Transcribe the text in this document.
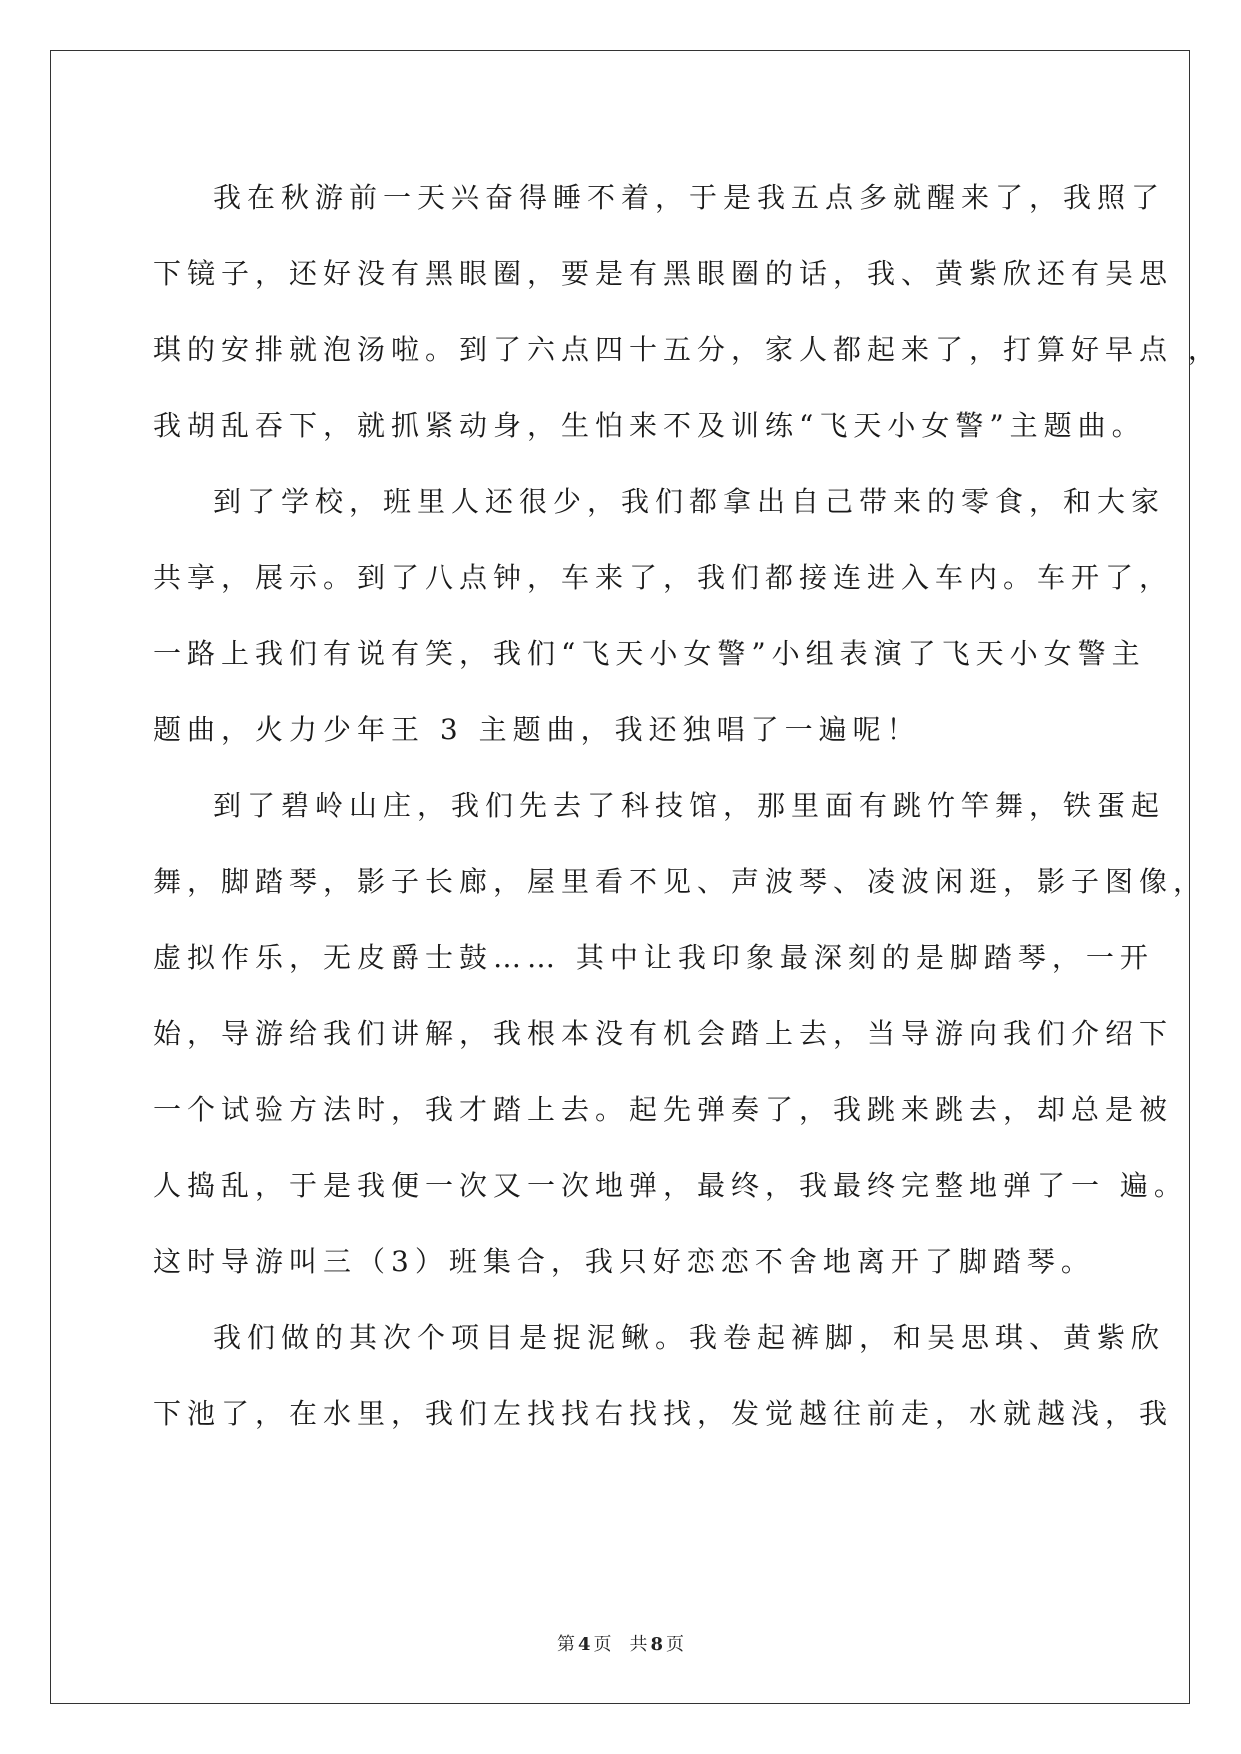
我在秋游前一天兴奋得睡不着，于是我五点多就醒来了，我照了
下镜子，还好没有黑眼圈，要是有黑眼圈的话，我、黄紫欣还有吴思
琪的安排就泡汤啦。到了六点四十五分，家人都起来了，打算好早点 ，
我胡乱吞下，就抓紧动身，生怕来不及训练“飞天小女警”主题曲。
到了学校，班里人还很少，我们都拿出自己带来的零食，和大家
共享，展示。到了八点钟，车来了，我们都接连进入车内。车开了，
一路上我们有说有笑，我们“飞天小女警”小组表演了飞天小女警主
题曲，火力少年王 3 主题曲，我还独唱了一遍呢！
到了碧岭山庄，我们先去了科技馆，那里面有跳竹竿舞，铁蛋起
舞，脚踏琴，影子长廊，屋里看不见、声波琴、凌波闲逛，影子图像，
虚拟作乐，无皮爵士鼓…… 其中让我印象最深刻的是脚踏琴，一开
始，导游给我们讲解，我根本没有机会踏上去，当导游向我们介绍下
一个试验方法时，我才踏上去。起先弹奏了，我跳来跳去，却总是被
人捣乱，于是我便一次又一次地弹，最终，我最终完整地弹了一 遍。
这时导游叫三（3）班集合，我只好恋恋不舍地离开了脚踏琴。
我们做的其次个项目是捉泥鳅。我卷起裤脚，和吴思琪、黄紫欣
下池了，在水里，我们左找找右找找，发觉越往前走，水就越浅，我
第 4 页 共 8 页
